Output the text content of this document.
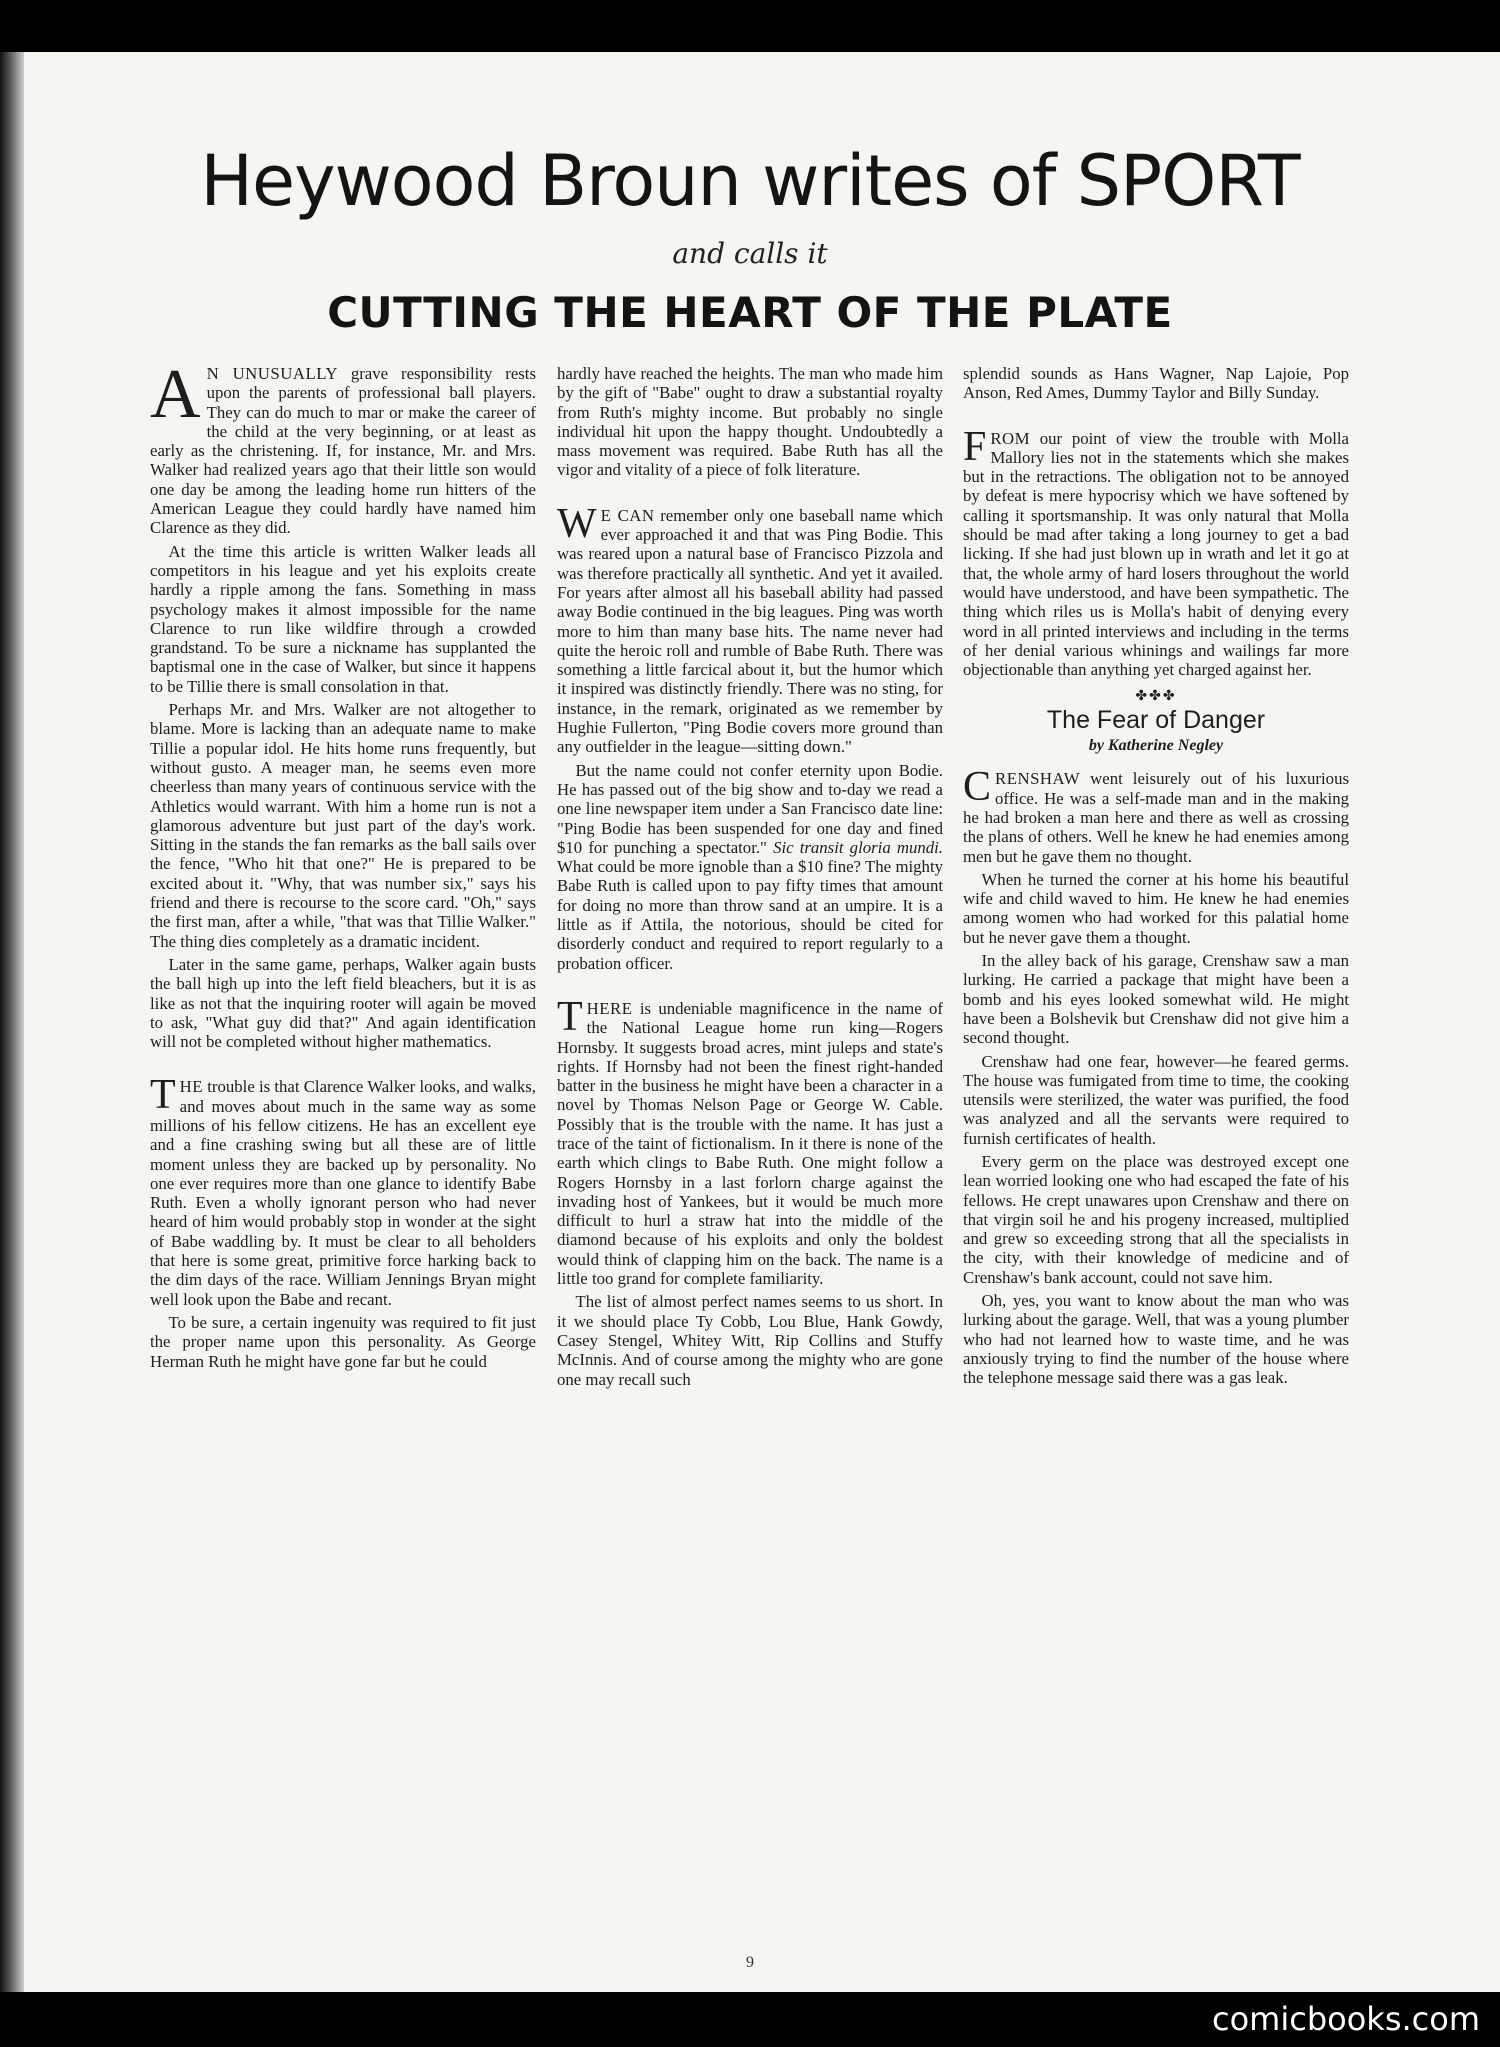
Heywood Broun writes of SPORT
and calls it
CUTTING THE HEART OF THE PLATE

A N UNUSUALLY grave responsibility rests upon the parents of professional ball players. They can do much to mar or make the career of the child at the very beginning, or at least as early as the christening. If, for instance, Mr. and Mrs. Walker had realized years ago that their little son would one day be among the leading home run hitters of the American League they could hardly have named him Clarence as they did.

At the time this article is written Walker leads all competitors in his league and yet his exploits create hardly a ripple among the fans. Something in mass psychology makes it almost impossible for the name Clarence to run like wildfire through a crowded grandstand. To be sure a nickname has supplanted the baptismal one in the case of Walker, but since it happens to be Tillie there is small consolation in that.

Perhaps Mr. and Mrs. Walker are not altogether to blame. More is lacking than an adequate name to make Tillie a popular idol. He hits home runs frequently, but without gusto. A meager man, he seems even more cheerless than many years of continuous service with the Athletics would warrant. With him a home run is not a glamorous adventure but just part of the day's work. Sitting in the stands the fan remarks as the ball sails over the fence, "Who hit that one?" He is prepared to be excited about it. "Why, that was number six," says his friend and there is recourse to the score card. "Oh," says the first man, after a while, "that was that Tillie Walker." The thing dies completely as a dramatic incident.

Later in the same game, perhaps, Walker again busts the ball high up into the left field bleachers, but it is as like as not that the inquiring rooter will again be moved to ask, "What guy did that?" And again identification will not be completed without higher mathematics.

THE trouble is that Clarence Walker looks, and walks, and moves about much in the same way as some millions of his fellow citizens. He has an excellent eye and a fine crashing swing but all these are of little moment unless they are backed up by personality. No one ever requires more than one glance to identify Babe Ruth. Even a wholly ignorant person who had never heard of him would probably stop in wonder at the sight of Babe waddling by. It must be clear to all beholders that here is some great, primitive force harking back to the dim days of the race. William Jennings Bryan might well look upon the Babe and recant.

To be sure, a certain ingenuity was required to fit just the proper name upon this personality. As George Herman Ruth he might have gone far but he could

hardly have reached the heights. The man who made him by the gift of "Babe" ought to draw a substantial royalty from Ruth's mighty income. But probably no single individual hit upon the happy thought. Undoubtedly a mass movement was required. Babe Ruth has all the vigor and vitality of a piece of folk literature.

W E CAN remember only one baseball name which ever approached it and that was Ping Bodie. This was reared upon a natural base of Francisco Pizzola and was therefore practically all synthetic. And yet it availed. For years after almost all his baseball ability had passed away Bodie continued in the big leagues. Ping was worth more to him than many base hits. The name never had quite the heroic roll and rumble of Babe Ruth. There was something a little farcical about it, but the humor which it inspired was distinctly friendly. There was no sting, for instance, in the remark, originated as we remember by Hughie Fullerton, "Ping Bodie covers more ground than any outfielder in the league—sitting down."

But the name could not confer eternity upon Bodie. He has passed out of the big show and to-day we read a one line newspaper item under a San Francisco date line: "Ping Bodie has been suspended for one day and fined $10 for punching a spectator." Sic transit gloria mundi. What could be more ignoble than a $10 fine? The mighty Babe Ruth is called upon to pay fifty times that amount for doing no more than throw sand at an umpire. It is a little as if Attila, the notorious, should be cited for disorderly conduct and required to report regularly to a probation officer.

THERE is undeniable magnificence in the name of the National League home run king—Rogers Hornsby. It suggests broad acres, mint juleps and state's rights. If Hornsby had not been the finest right-handed batter in the business he might have been a character in a novel by Thomas Nelson Page or George W. Cable. Possibly that is the trouble with the name. It has just a trace of the taint of fictionalism. In it there is none of the earth which clings to Babe Ruth. One might follow a Rogers Hornsby in a last forlorn charge against the invading host of Yankees, but it would be much more difficult to hurl a straw hat into the middle of the diamond because of his exploits and only the boldest would think of clapping him on the back. The name is a little too grand for complete familiarity.

The list of almost perfect names seems to us short. In it we should place Ty Cobb, Lou Blue, Hank Gowdy, Casey Stengel, Whitey Witt, Rip Collins and Stuffy McInnis. And of course among the mighty who are gone one may recall such

splendid sounds as Hans Wagner, Nap Lajoie, Pop Anson, Red Ames, Dummy Taylor and Billy Sunday.

FROM our point of view the trouble with Molla Mallory lies not in the statements which she makes but in the retractions. The obligation not to be annoyed by defeat is mere hypocrisy which we have softened by calling it sportsmanship. It was only natural that Molla should be mad after taking a long journey to get a bad licking. If she had just blown up in wrath and let it go at that, the whole army of hard losers throughout the world would have understood, and have been sympathetic. The thing which riles us is Molla's habit of denying every word in all printed interviews and including in the terms of her denial various whinings and wailings far more objectionable than anything yet charged against her.

✤✤✤
The Fear of Danger
by Katherine Negley

CRENSHAW went leisurely out of his luxurious office. He was a self-made man and in the making he had broken a man here and there as well as crossing the plans of others. Well he knew he had enemies among men but he gave them no thought.

When he turned the corner at his home his beautiful wife and child waved to him. He knew he had enemies among women who had worked for this palatial home but he never gave them a thought.

In the alley back of his garage, Crenshaw saw a man lurking. He carried a package that might have been a bomb and his eyes looked somewhat wild. He might have been a Bolshevik but Crenshaw did not give him a second thought.

Crenshaw had one fear, however—he feared germs. The house was fumigated from time to time, the cooking utensils were sterilized, the water was purified, the food was analyzed and all the servants were required to furnish certificates of health.

Every germ on the place was destroyed except one lean worried looking one who had escaped the fate of his fellows. He crept unawares upon Crenshaw and there on that virgin soil he and his progeny increased, multiplied and grew so exceeding strong that all the specialists in the city, with their knowledge of medicine and of Crenshaw's bank account, could not save him.

Oh, yes, you want to know about the man who was lurking about the garage. Well, that was a young plumber who had not learned how to waste time, and he was anxiously trying to find the number of the house where the telephone message said there was a gas leak.

9
comicbooks.com
